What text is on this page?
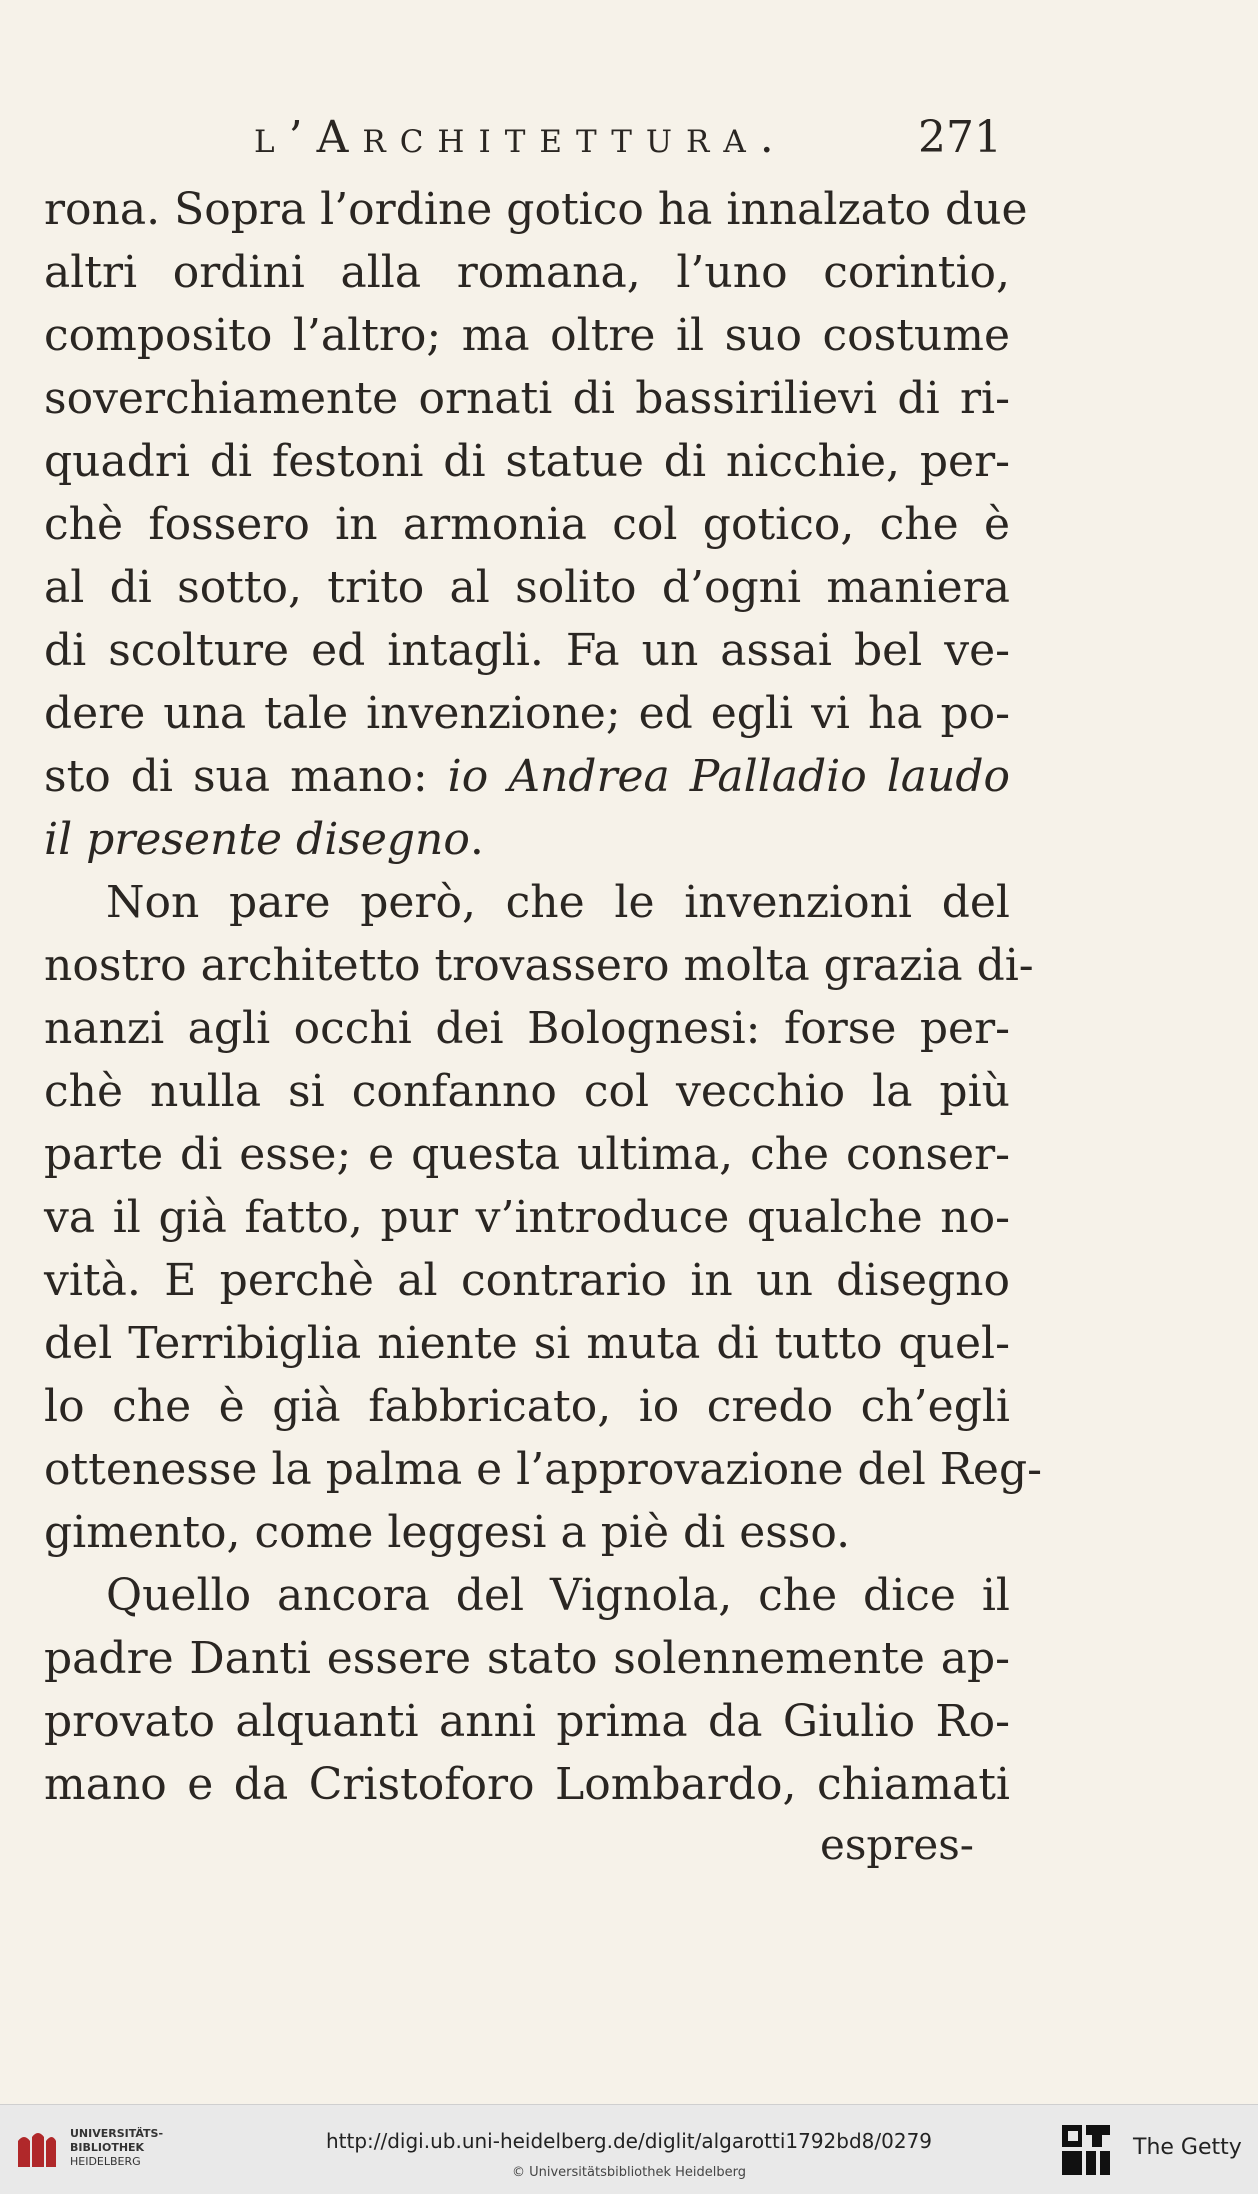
l’Architettura.	271
rona. Sopra l’ordine gotico ha innalzato due
altri ordini alla romana, l’uno corintio,
composito l’altro; ma oltre il suo costume
soverchiamente ornati di bassirilievi di ri-
quadri di festoni di statue di nicchie, per-
chè fossero in armonia col gotico, che è
al di sotto, trito al solito d’ogni maniera
di scolture ed intagli. Fa un assai bel ve-
dere una tale invenzione; ed egli vi ha po-
sto di sua mano: io Andrea Palladio laudo
il presente disegno.
Non pare però, che le invenzioni del
nostro architetto trovassero molta grazia di-
nanzi agli occhi dei Bolognesi: forse per-
chè nulla si confanno col vecchio la più
parte di esse; e questa ultima, che conser-
va il già fatto, pur v’introduce qualche no-
vità. E perchè al contrario in un disegno
del Terribiglia niente si muta di tutto quel-
lo che è già fabbricato, io credo ch’egli
ottenesse la palma e l’approvazione del Reg-
gimento, come leggesi a piè di esso.
Quello ancora del Vignola, che dice il
padre Danti essere stato solennemente ap-
provato alquanti anni prima da Giulio Ro-
mano e da Cristoforo Lombardo, chiamati
espres-
UNIVERSITÄTS-
BIBLIOTHEK
HEIDELBERG
http://digi.ub.uni-heidelberg.de/diglit/algarotti1792bd8/0279
© Universitätsbibliothek Heidelberg
The Getty
